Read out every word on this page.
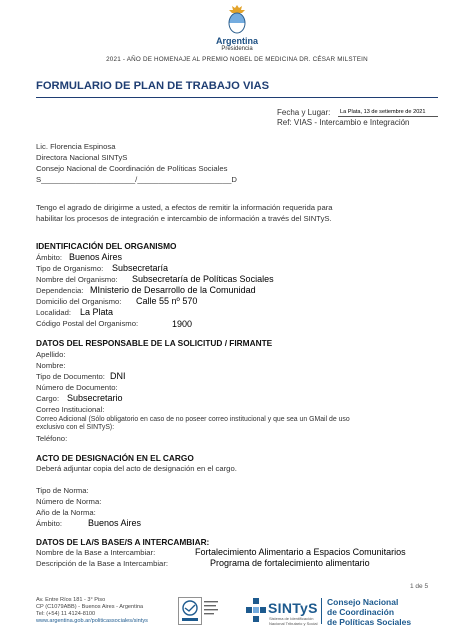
Argentina
Presidencia
2021 - AÑO DE HOMENAJE AL PREMIO NOBEL DE MEDICINA DR. CÉSAR MILSTEIN
FORMULARIO DE PLAN DE TRABAJO VIAS
Fecha y Lugar: La Plata, 13 de setiembre de 2021
Ref: VIAS - Intercambio e Integración
Lic. Florencia Espinosa
Directora Nacional SINTyS
Consejo Nacional de Coordinación de Políticas Sociales
S______________________/______________________D
Tengo el agrado de dirigirme a usted, a efectos de remitir la información requerida para
habilitar los procesos de integración e intercambio de información a través del SINTyS.
IDENTIFICACIÓN DEL ORGANISMO
Ámbito: Buenos Aires
Tipo de Organismo: Subsecretaría
Nombre del Organismo: Subsecretaría de Políticas Sociales
Dependencia: MInisterio de Desarrollo de la Comunidad
Domicilio del Organismo: Calle 55 nº 570
Localidad: La Plata
Código Postal del Organismo:	1900
DATOS DEL RESPONSABLE DE LA SOLICITUD / FIRMANTE
Apellido:
Nombre:
Tipo de Documento: DNI
Número de Documento:
Cargo: Subsecretario
Correo Institucional:
Correo Adicional (Sólo obligatorio en caso de no poseer correo institucional y que sea un GMail de uso
exclusivo con el SINTyS):
Teléfono:
ACTO DE DESIGNACIÓN EN EL CARGO
Deberá adjuntar copia del acto de designación en el cargo.
Tipo de Norma:
Número de Norma:
Año de la Norma:
Ámbito:	Buenos Aires
DATOS DE LA/S BASE/S A INTERCAMBIAR:
Nombre de la Base a Intercambiar:	Fortalecimiento Alimentario a Espacios Comunitarios
Descripción de la Base a Intercambiar:	Programa de fortalecimiento alimentario
1 de 5
Av. Entre Ríos 181 - 3° Piso
CP (C1079ABB) - Buenos Aires - Argentina
Tel: (+54) 11 4124-8100
www.argentina.gob.ar/politicassociales/sintys
SINTyS
Sistema de Identificación
Nacional Tributario y Social
Consejo Nacional
de Coordinación
de Políticas Sociales
